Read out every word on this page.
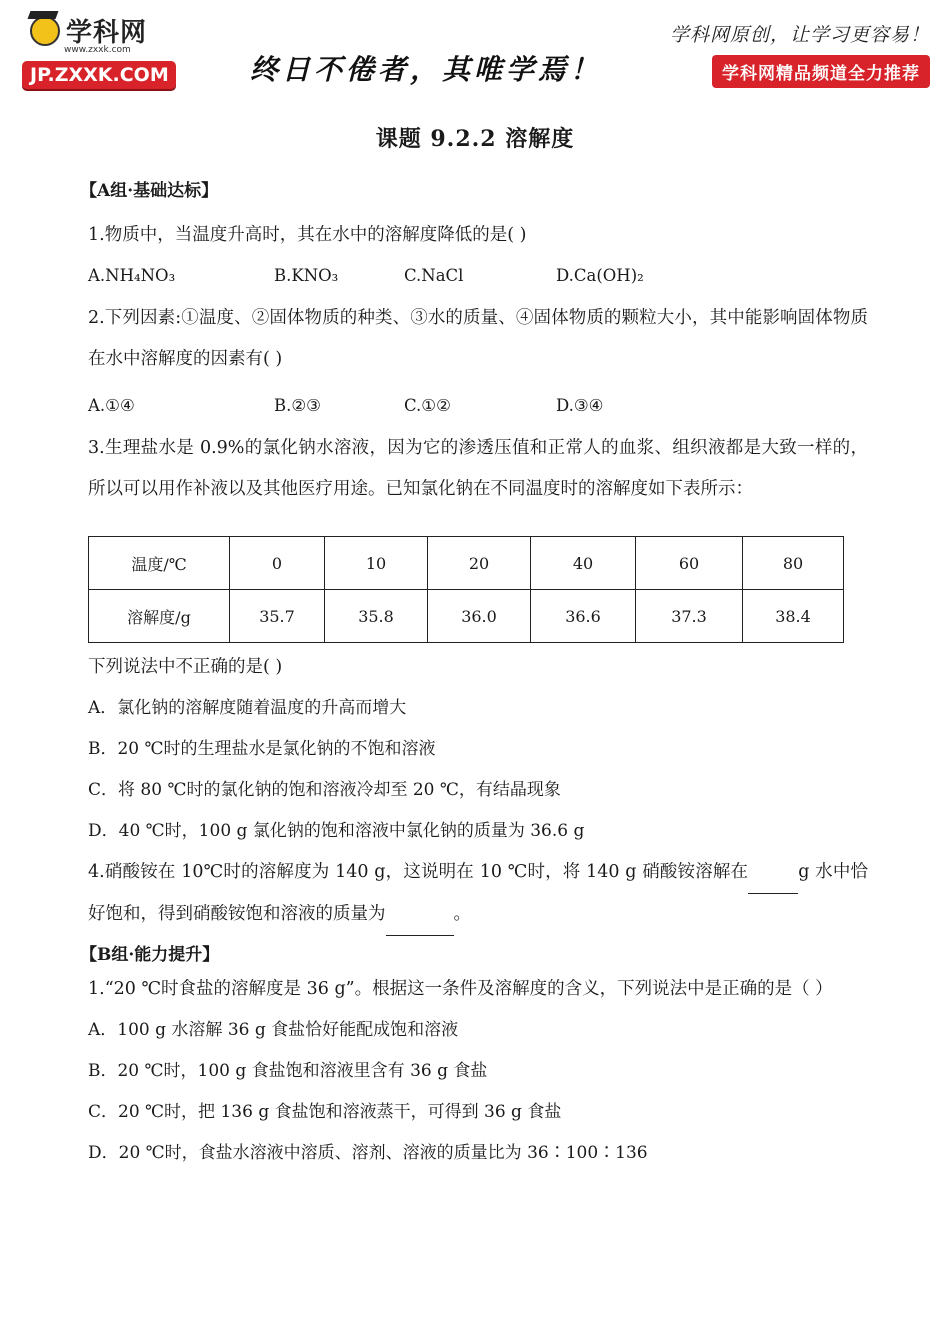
学科网
www.zxxk.com
JP.ZXXK.COM	终日不倦者，其唯学焉！
学科网原创，让学习更容易！
学科网精品频道全力推荐
课题 9.2.2 溶解度
【A组·基础达标】
1.物质中，当温度升高时，其在水中的溶解度降低的是( )
A.NH₄NO₃	B.KNO₃	C.NaCl	D.Ca(OH)₂
2.下列因素:①温度、②固体物质的种类、③水的质量、④固体物质的颗粒大小，其中能影响固体物质在水中溶解度的因素有( )
A.①④	B.②③	C.①②	D.③④
3.生理盐水是 0.9%的氯化钠水溶液，因为它的渗透压值和正常人的血浆、组织液都是大致一样的，所以可以用作补液以及其他医疗用途。已知氯化钠在不同温度时的溶解度如下表所示：
温度/℃	0	10	20	40	60	80
溶解度/g	35.7	35.8	36.0	36.6	37.3	38.4
下列说法中不正确的是( )
A．氯化钠的溶解度随着温度的升高而增大
B．20 ℃时的生理盐水是氯化钠的不饱和溶液
C．将 80 ℃时的氯化钠的饱和溶液冷却至 20 ℃，有结晶现象
D．40 ℃时，100 g 氯化钠的饱和溶液中氯化钠的质量为 36.6 g
4.硝酸铵在 10℃时的溶解度为 140 g，这说明在 10 ℃时，将 140 g 硝酸铵溶解在	g 水中恰好饱和，得到硝酸铵饱和溶液的质量为	。
【B组·能力提升】
1.“20 ℃时食盐的溶解度是 36 g”。根据这一条件及溶解度的含义，下列说法中是正确的是（ ）
A．100 g 水溶解 36 g 食盐恰好能配成饱和溶液
B．20 ℃时，100 g 食盐饱和溶液里含有 36 g 食盐
C．20 ℃时，把 136 g 食盐饱和溶液蒸干，可得到 36 g 食盐
D．20 ℃时，食盐水溶液中溶质、溶剂、溶液的质量比为 36∶100∶136
